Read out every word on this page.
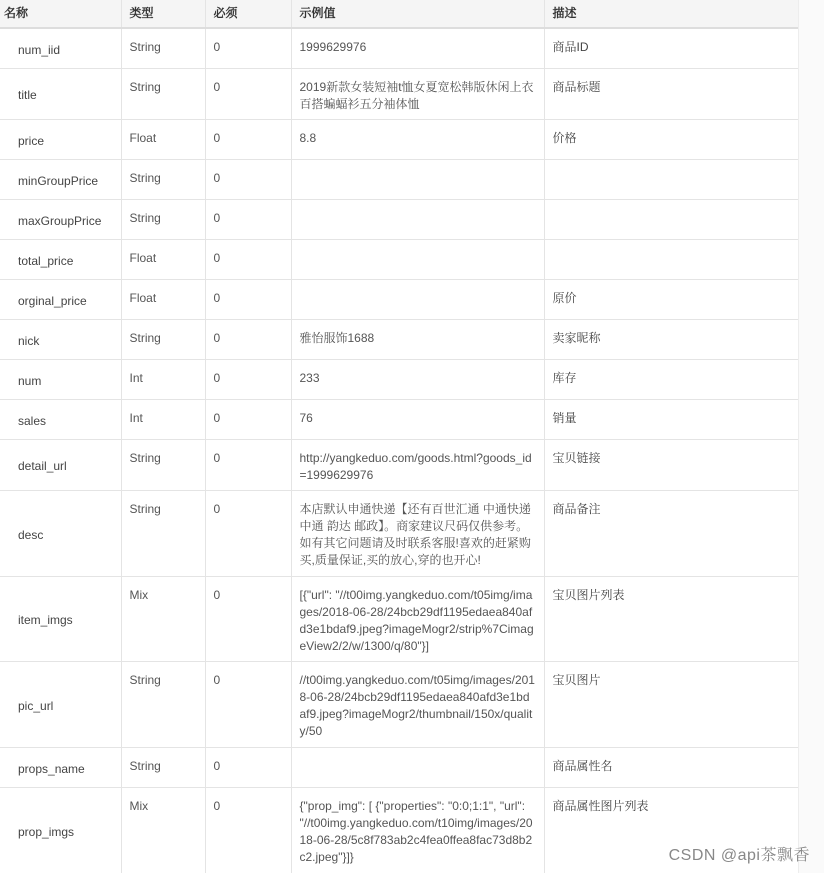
名称	类型	必须	示例值	描述
num_iid	String	0	1999629976	商品ID
title	String	0	2019新款女装短袖t恤女夏宽松韩版休闲上衣百搭蝙蝠衫五分袖体恤	商品标题
price	Float	0	8.8	价格
minGroupPrice	String	0		
maxGroupPrice	String	0		
total_price	Float	0		
orginal_price	Float	0		原价
nick	String	0	雅怡服饰1688	卖家昵称
num	Int	0	233	库存
sales	Int	0	76	销量
detail_url	String	0	http://yangkeduo.com/goods.html?goods_id=1999629976	宝贝链接
desc	String	0	本店默认申通快递【还有百世汇通 中通快递 中通 韵达 邮政】。商家建议尺码仅供参考。如有其它问题请及时联系客服!喜欢的赶紧购买,质量保证,买的放心,穿的也开心!	商品备注
item_imgs	Mix	0	[{"url": "//t00img.yangkeduo.com/t05img/images/2018-06-28/24bcb29df1195edaea840afd3e1bdaf9.jpeg?imageMogr2/strip%7CimageView2/2/w/1300/q/80"}]	宝贝图片列表
pic_url	String	0	//t00img.yangkeduo.com/t05img/images/2018-06-28/24bcb29df1195edaea840afd3e1bdaf9.jpeg?imageMogr2/thumbnail/150x/quality/50	宝贝图片
props_name	String	0		商品属性名
prop_imgs	Mix	0	{"prop_img": [ {"properties": "0:0;1:1", "url": "//t00img.yangkeduo.com/t10img/images/2018-06-28/5c8f783ab2c4fea0ffea8fac73d8b2c2.jpeg"}]}	商品属性图片列表
CSDN @api茶飘香
